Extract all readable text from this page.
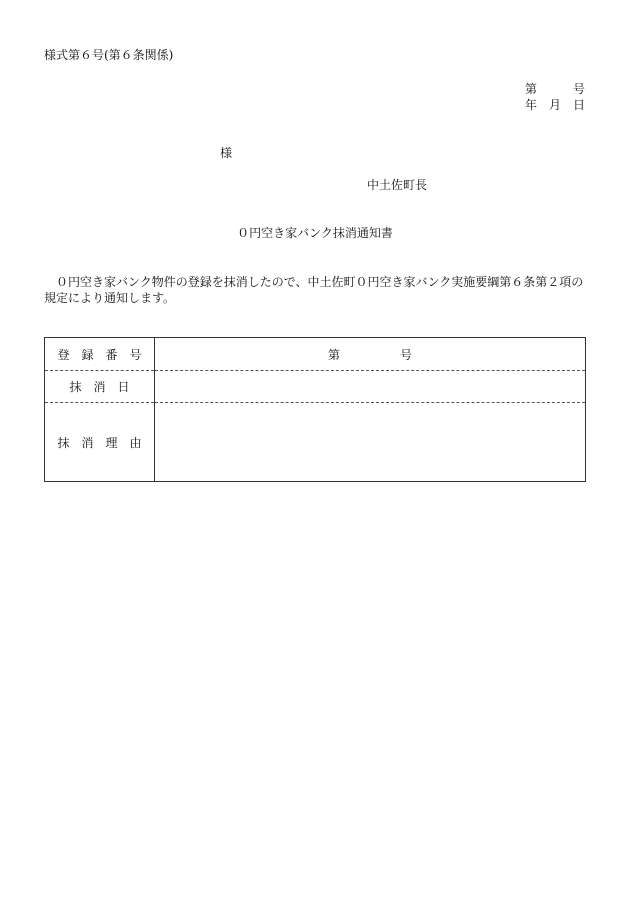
様式第６号(第６条関係)
第　　　号
年　月　日
様
中土佐町長
０円空き家バンク抹消通知書
０円空き家バンク物件の登録を抹消したので、中土佐町０円空き家バンク実施要綱第６条第２項の規定により通知します。
登　録　番　号	第　　　　　号
抹　消　日	
抹　消　理　由	
